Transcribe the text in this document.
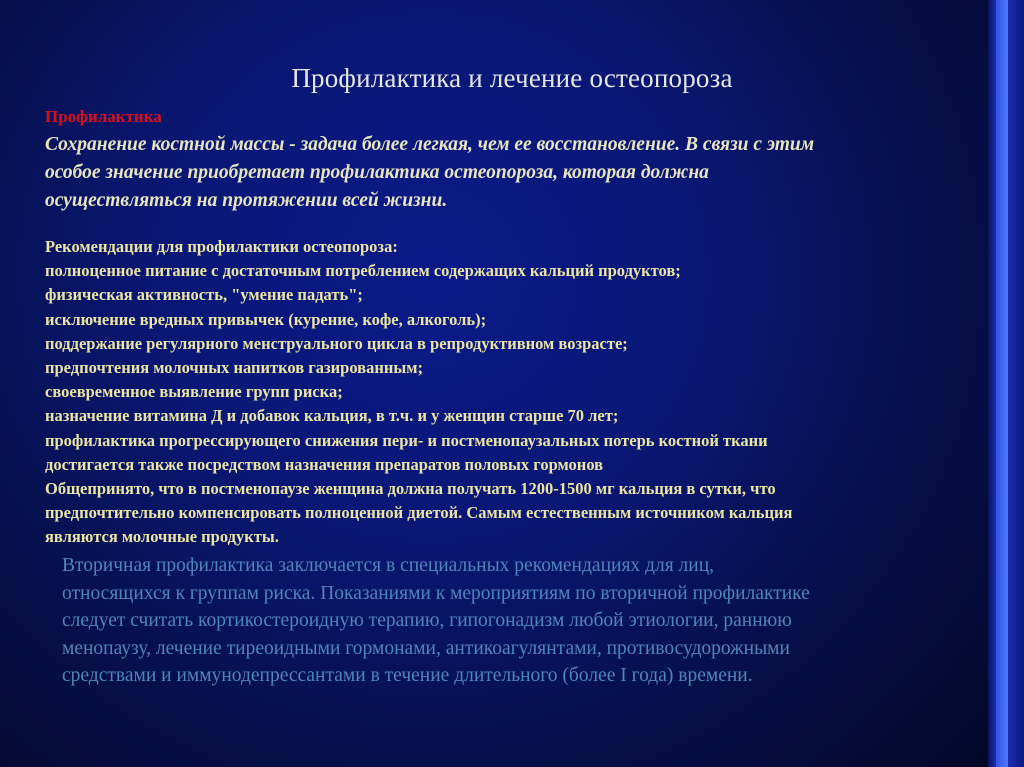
Профилактика и лечение остеопороза
Профилактика
Сохранение костной массы - задача более легкая, чем ее восстановление. В связи с этим
особое значение приобретает профилактика остеопороза, которая должна
осуществляться на протяжении всей жизни.
Рекомендации для профилактики остеопороза:
полноценное питание с достаточным потреблением содержащих кальций продуктов;
физическая активность, "умение падать";
исключение вредных привычек (курение, кофе, алкоголь);
поддержание регулярного менструального цикла в репродуктивном возрасте;
предпочтения молочных напитков газированным;
своевременное выявление групп риска;
назначение витамина Д и добавок кальция, в т.ч. и у женщин старше 70 лет;
профилактика прогрессирующего снижения пери- и постменопаузальных потерь костной ткани
достигается также посредством назначения препаратов половых гормонов
Общепринято, что в постменопаузе женщина должна получать 1200-1500 мг кальция в сутки, что
предпочтительно компенсировать полноценной диетой. Самым естественным источником кальция
являются молочные продукты.
Вторичная профилактика заключается в специальных рекомендациях для лиц,
относящихся к группам риска. Показаниями к мероприятиям по вторичной профилактике
следует считать кортикостероидную терапию, гипогонадизм любой этиологии, раннюю
менопаузу, лечение тиреоидными гормонами, антикоагулянтами, противосудорожными
средствами и иммунодепрессантами в течение длительного (более I года) времени.
